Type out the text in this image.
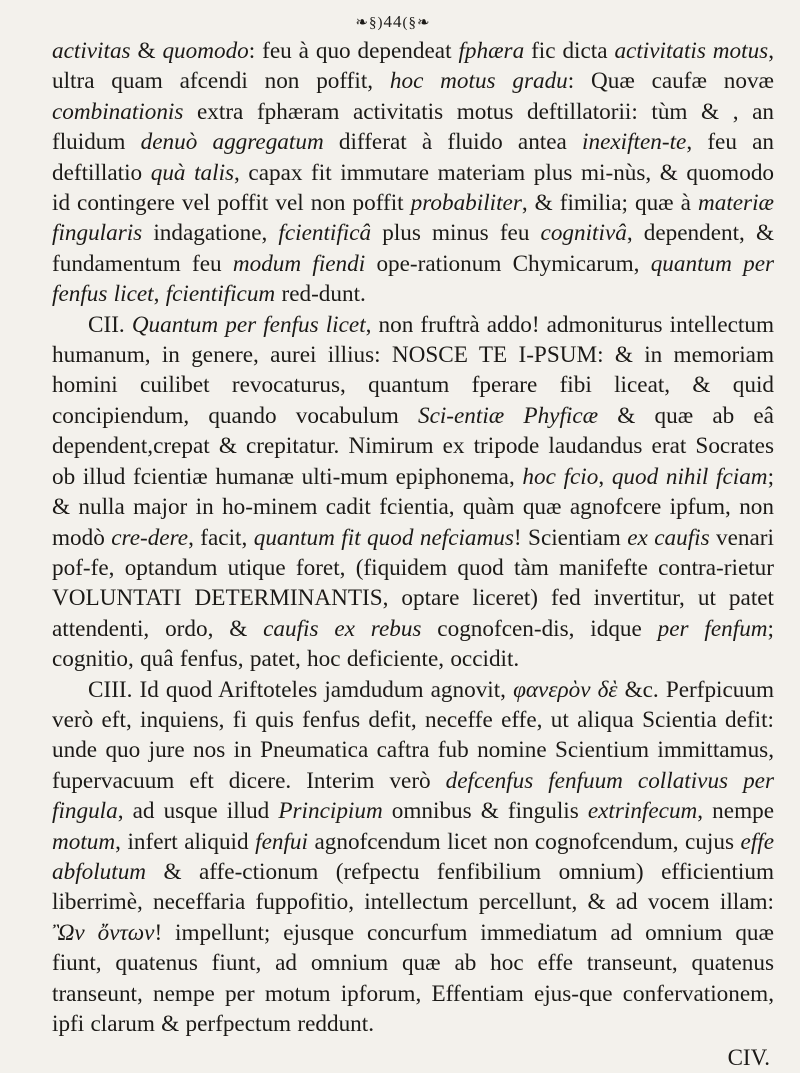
❧§)44(§❧

activitas & quomodo: feu à quo dependeat fphæra fic dicta activitatis motus, ultra quam afcendi non poffit, hoc motus gradu: Quæ caufæ novæ combinationis extra fphæram activitatis motus deftillatorii: tùm & , an fluidum denuò aggregatum differat à fluido antea inexiften-te, feu an deftillatio quà talis, capax fit immutare materiam plus mi-nùs, & quomodo id contingere vel poffit vel non poffit probabiliter, & fimilia; quæ à materiæ fingularis indagatione, fcientificâ plus minus feu cognitivâ, dependent, & fundamentum feu modum fiendi ope-rationum Chymicarum, quantum per fenfus licet, fcientificum red-dunt.

CII. Quantum per fenfus licet, non fruftrà addo! admoniturus intellectum humanum, in genere, aurei illius: NOSCE TE I-PSUM: & in memoriam homini cuilibet revocaturus, quantum fperare fibi liceat, & quid concipiendum, quando vocabulum Sci-entiæ Phyficæ & quæ ab eâ dependent,crepat & crepitatur. Nimirum ex tripode laudandus erat Socrates ob illud fcientiæ humanæ ulti-mum epiphonema, hoc fcio, quod nihil fciam; & nulla major in ho-minem cadit fcientia, quàm quæ agnofcere ipfum, non modò cre-dere, facit, quantum fit quod nefciamus! Scientiam ex caufis venari pof-fe, optandum utique foret, (fiquidem quod tàm manifefte contra-rietur VOLUNTATI DETERMINANTIS, optare liceret) fed invertitur, ut patet attendenti, ordo, & caufis ex rebus cognofcen-dis, idque per fenfum; cognitio, quâ fenfus, patet, hoc deficiente, occidit.

CIII. Id quod Ariftoteles jamdudum agnovit, φανερὸν δὲ &c. Perfpicuum verò eft, inquiens, fi quis fenfus defit, neceffe effe, ut aliqua Scientia defit: unde quo jure nos in Pneumatica caftra fub nomine Scientium immittamus, fupervacuum eft dicere. Interim verò defcenfus fenfuum collativus per fingula, ad usque illud Principium omnibus & fingulis extrinfecum, nempe motum, infert aliquid fenfui agnofcendum licet non cognofcendum, cujus effe abfolutum & affe-ctionum (refpectu fenfibilium omnium) efficientium liberrimè, neceffaria fuppofitio, intellectum percellunt, & ad vocem illam: Ὢν ὄντων! impellunt; ejusque concurfum immediatum ad omnium quæ fiunt, quatenus fiunt, ad omnium quæ ab hoc effe transeunt, quatenus transeunt, nempe per motum ipforum, Effentiam ejus-que confervationem, ipfi clarum & perfpectum reddunt.

CIV.
